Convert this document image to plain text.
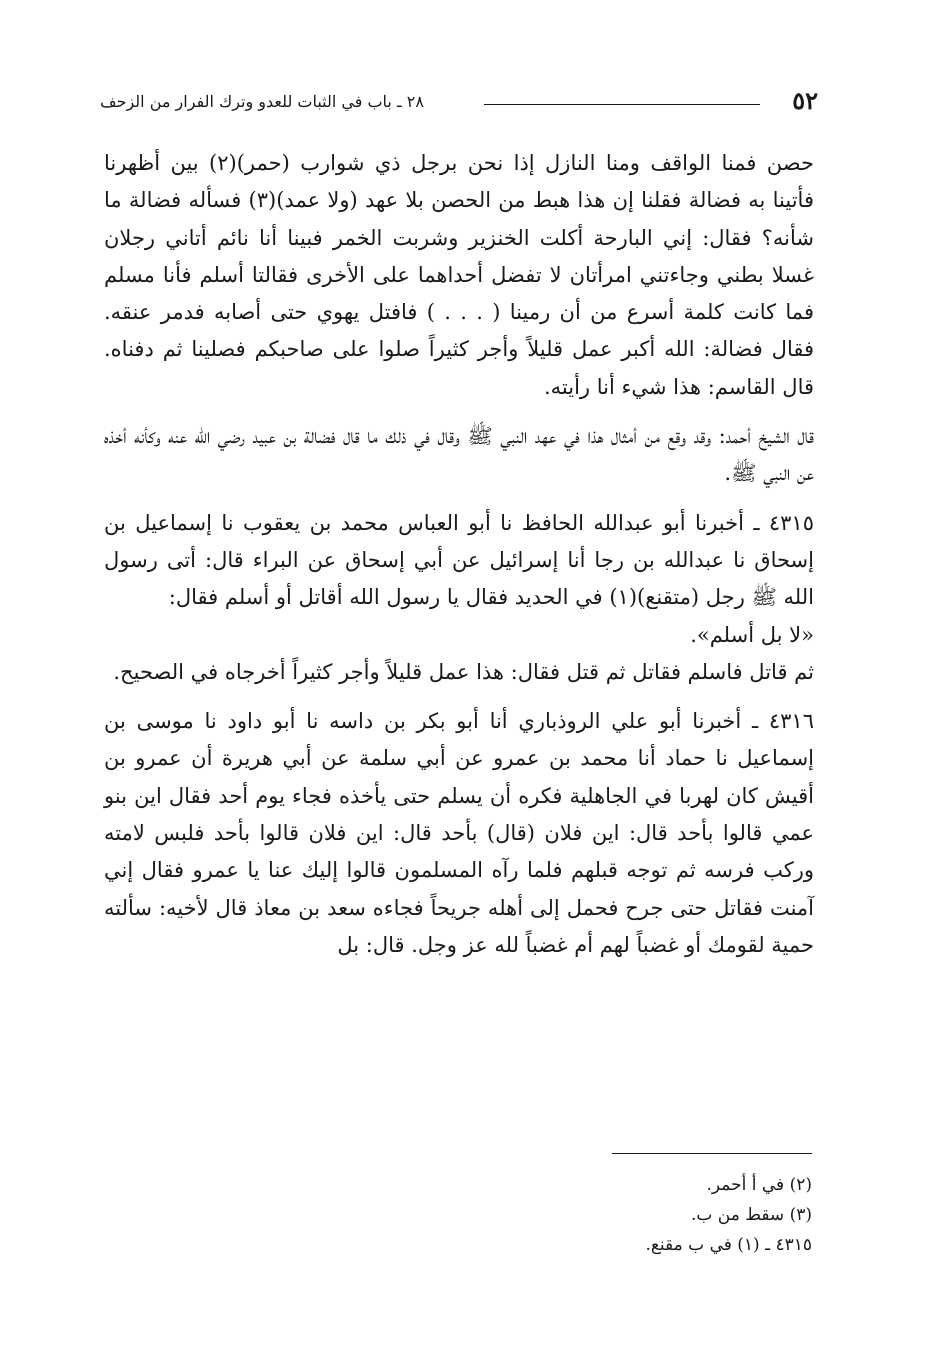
٥٢
٢٨ ـ باب في الثبات للعدو وترك الفرار من الزحف

حصن فمنا الواقف ومنا النازل إذا نحن برجل ذي شوارب (حمر)(٢) بين أظهرنا فأتينا به فضالة فقلنا إن هذا هبط من الحصن بلا عهد (ولا عمد)(٣) فسأله فضالة ما شأنه؟ فقال: إني البارحة أكلت الخنزير وشربت الخمر فبينا أنا نائم أتاني رجلان غسلا بطني وجاءتني امرأتان لا تفضل أحداهما على الأخرى فقالتا أسلم فأنا مسلم فما كانت كلمة أسرع من أن رمينا ( . . . ) فافتل يهوي حتى أصابه فدمر عنقه. فقال فضالة: الله أكبر عمل قليلاً وأجر كثيراً صلوا على صاحبكم فصلينا ثم دفناه. قال القاسم: هذا شيء أنا رأيته.

قال الشيخ أحمد: وقد وقع من أمثال هذا في عهد النبي ﷺ وقال في ذلك ما قال فضالة بن عبيد رضي الله عنه وكأنه أخذه عن النبي ﷺ.

٤٣١٥ ـ أخبرنا أبو عبدالله الحافظ نا أبو العباس محمد بن يعقوب نا إسماعيل بن إسحاق نا عبدالله بن رجا أنا إسرائيل عن أبي إسحاق عن البراء قال: أتى رسول الله ﷺ رجل (متقنع)(١) في الحديد فقال يا رسول الله أقاتل أو أسلم فقال:

«لا بل أسلم».

ثم قاتل فاسلم فقاتل ثم قتل فقال: هذا عمل قليلاً وأجر كثيراً أخرجاه في الصحيح.

٤٣١٦ ـ أخبرنا أبو علي الروذباري أنا أبو بكر بن داسه نا أبو داود نا موسى بن إسماعيل نا حماد أنا محمد بن عمرو عن أبي سلمة عن أبي هريرة أن عمرو بن أقيش كان لهربا في الجاهلية فكره أن يسلم حتى يأخذه فجاء يوم أحد فقال اين بنو عمي قالوا بأحد قال: اين فلان (قال) بأحد قال: اين فلان قالوا بأحد فلبس لامته وركب فرسه ثم توجه قبلهم فلما رآه المسلمون قالوا إليك عنا يا عمرو فقال إني آمنت فقاتل حتى جرح فحمل إلى أهله جريحاً فجاءه سعد بن معاذ قال لأخيه: سألته حمية لقومك أو غضباً لهم أم غضباً لله عز وجل. قال: بل

(٢) في أ أحمر.
(٣) سقط من ب.
٤٣١٥ ـ (١) في ب مقنع.
